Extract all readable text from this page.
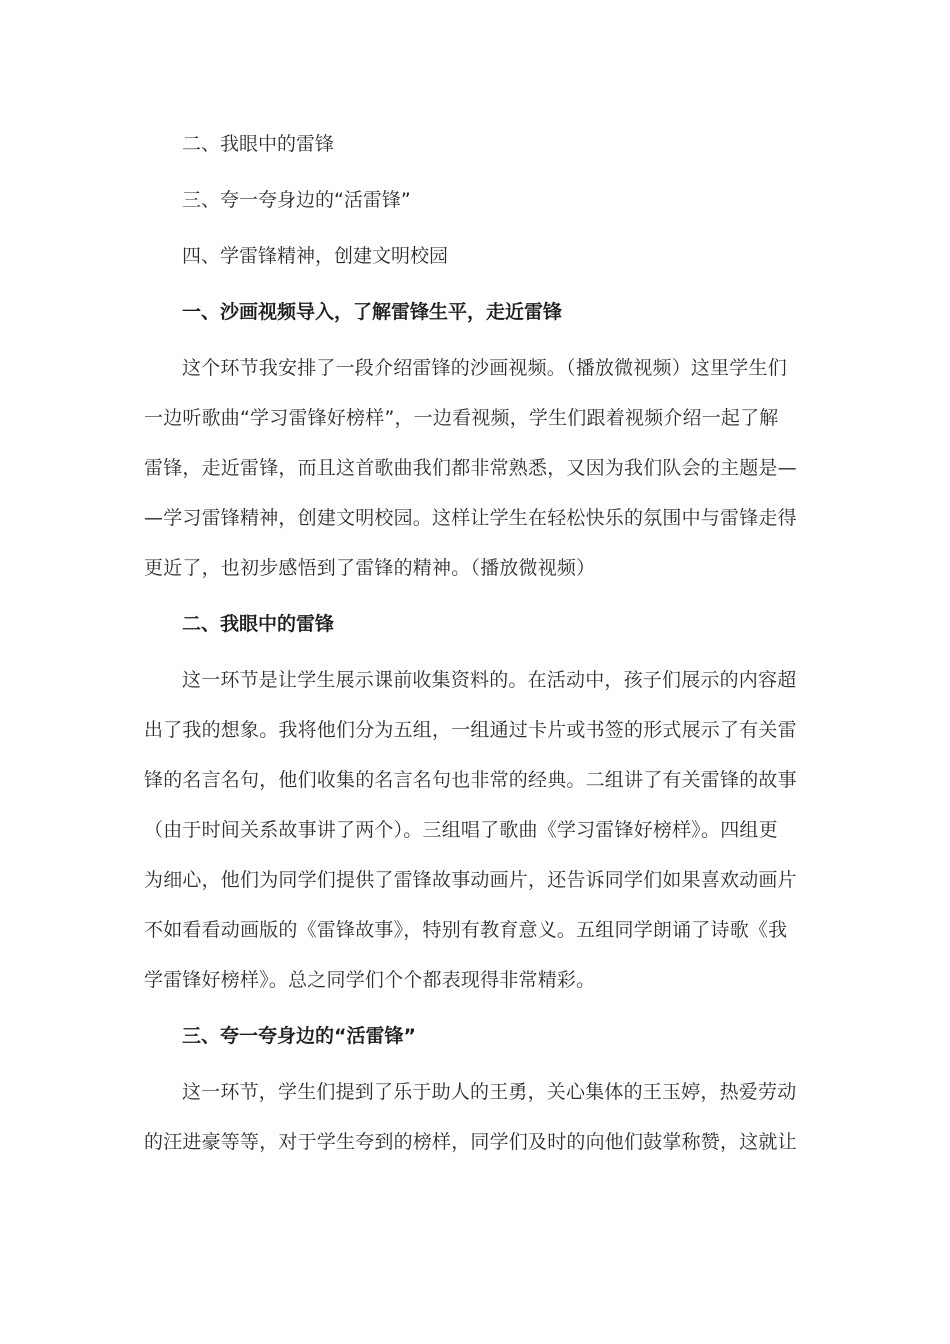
二、我眼中的雷锋

三、夸一夸身边的“活雷锋”

四、学雷锋精神，创建文明校园

一、沙画视频导入，了解雷锋生平，走近雷锋

这个环节我安排了一段介绍雷锋的沙画视频。（播放微视频）这里学生们
一边听歌曲“学习雷锋好榜样”，一边看视频，学生们跟着视频介绍一起了解
雷锋，走近雷锋，而且这首歌曲我们都非常熟悉，又因为我们队会的主题是—
—学习雷锋精神，创建文明校园。这样让学生在轻松快乐的氛围中与雷锋走得
更近了，也初步感悟到了雷锋的精神。（播放微视频）

二、我眼中的雷锋

这一环节是让学生展示课前收集资料的。在活动中，孩子们展示的内容超
出了我的想象。我将他们分为五组，一组通过卡片或书签的形式展示了有关雷
锋的名言名句，他们收集的名言名句也非常的经典。二组讲了有关雷锋的故事
（由于时间关系故事讲了两个）。三组唱了歌曲《学习雷锋好榜样》。四组更
为细心，他们为同学们提供了雷锋故事动画片，还告诉同学们如果喜欢动画片
不如看看动画版的《雷锋故事》，特别有教育意义。五组同学朗诵了诗歌《我
学雷锋好榜样》。总之同学们个个都表现得非常精彩。

三、夸一夸身边的“活雷锋”

这一环节，学生们提到了乐于助人的王勇，关心集体的王玉婷，热爱劳动
的汪进豪等等，对于学生夸到的榜样，同学们及时的向他们鼓掌称赞，这就让
